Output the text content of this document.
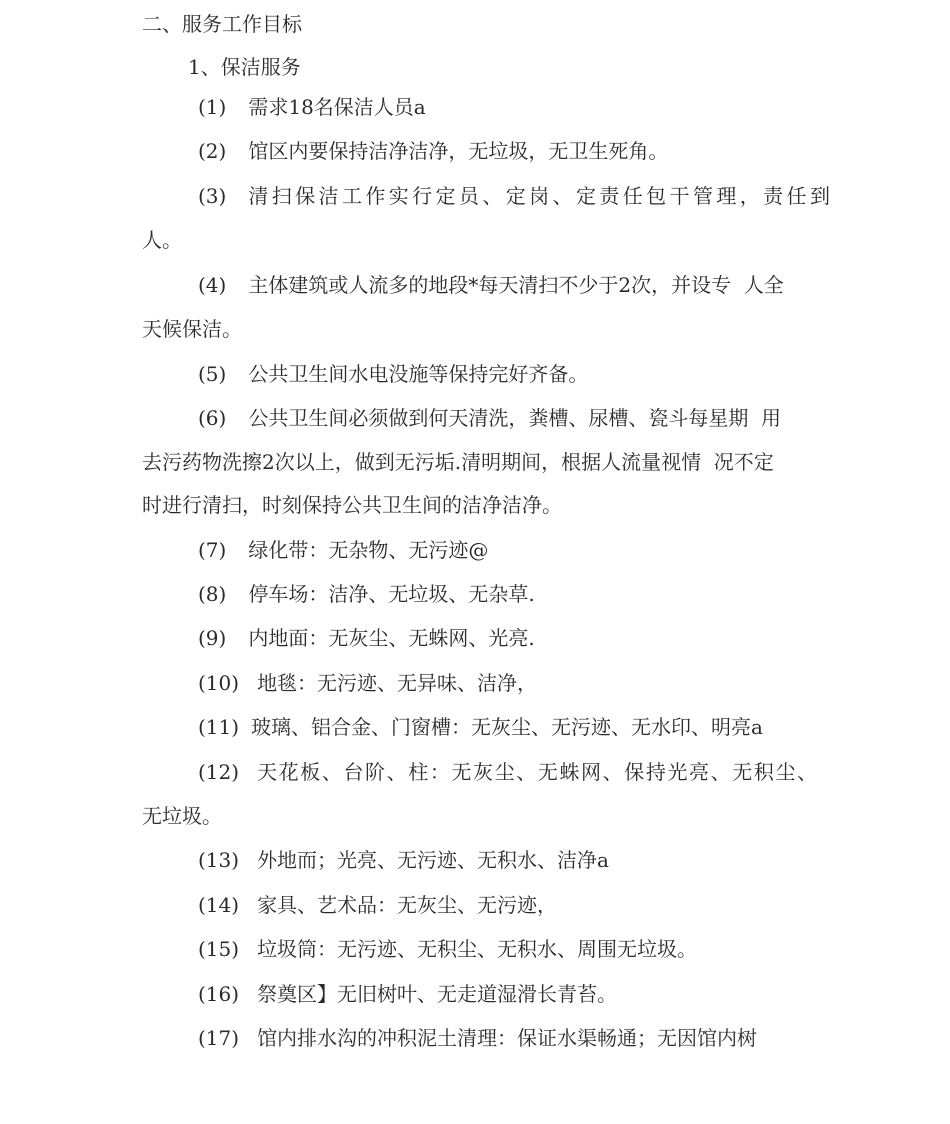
二、服务工作目标
1、保洁服务
(1) 需求18名保洁人员a
(2) 馆区内要保持洁净洁净，无垃圾，无卫生死角。
(3) 清扫保洁工作实行定员、定岗、定责任包干管理，责任到
人。
(4) 主体建筑或人流多的地段*每天清扫不少于2次，并设专  人全
天候保洁。
(5) 公共卫生间水电没施等保持完好齐备。
(6) 公共卫生间必须做到何天清洗，粪槽、尿槽、瓷斗每星期  用
去污药物洗擦2次以上，做到无污垢.清明期间，根据人流量视情  况不定
时进行清扫，时刻保持公共卫生间的洁净洁净。
(7) 绿化带：无杂物、无污迹@
(8) 停车场：洁净、无垃圾、无杂草.
(9) 内地面：无灰尘、无蛛网、光亮.
(10) 地毯：无污迹、无异味、洁净，
(11) 玻璃、铝合金、门窗槽：无灰尘、无污迹、无水印、明亮a
(12) 天花板、台阶、柱：无灰尘、无蛛网、保持光亮、无积尘、
无垃圾。
(13) 外地而；光亮、无污迹、无积水、洁净a
(14) 家具、艺术品：无灰尘、无污迹，
(15) 垃圾筒：无污迹、无积尘、无积水、周围无垃圾。
(16) 祭奠区】无旧树叶、无走道湿滑长青苔。
(17) 馆内排水沟的冲积泥土清理：保证水渠畅通；无因馆内树
